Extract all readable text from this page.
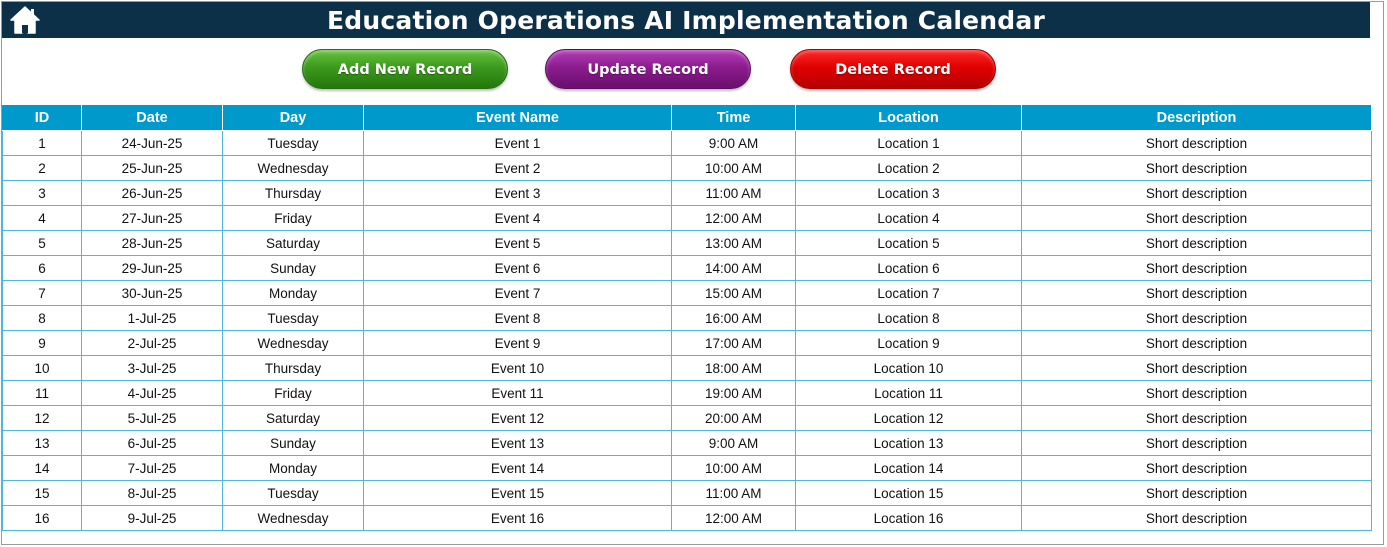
Education Operations AI Implementation Calendar
Add New Record	Update Record	Delete Record
ID	Date	Day	Event Name	Time	Location	Description
1	24-Jun-25	Tuesday	Event 1	9:00 AM	Location 1	Short description
2	25-Jun-25	Wednesday	Event 2	10:00 AM	Location 2	Short description
3	26-Jun-25	Thursday	Event 3	11:00 AM	Location 3	Short description
4	27-Jun-25	Friday	Event 4	12:00 AM	Location 4	Short description
5	28-Jun-25	Saturday	Event 5	13:00 AM	Location 5	Short description
6	29-Jun-25	Sunday	Event 6	14:00 AM	Location 6	Short description
7	30-Jun-25	Monday	Event 7	15:00 AM	Location 7	Short description
8	1-Jul-25	Tuesday	Event 8	16:00 AM	Location 8	Short description
9	2-Jul-25	Wednesday	Event 9	17:00 AM	Location 9	Short description
10	3-Jul-25	Thursday	Event 10	18:00 AM	Location 10	Short description
11	4-Jul-25	Friday	Event 11	19:00 AM	Location 11	Short description
12	5-Jul-25	Saturday	Event 12	20:00 AM	Location 12	Short description
13	6-Jul-25	Sunday	Event 13	9:00 AM	Location 13	Short description
14	7-Jul-25	Monday	Event 14	10:00 AM	Location 14	Short description
15	8-Jul-25	Tuesday	Event 15	11:00 AM	Location 15	Short description
16	9-Jul-25	Wednesday	Event 16	12:00 AM	Location 16	Short description
